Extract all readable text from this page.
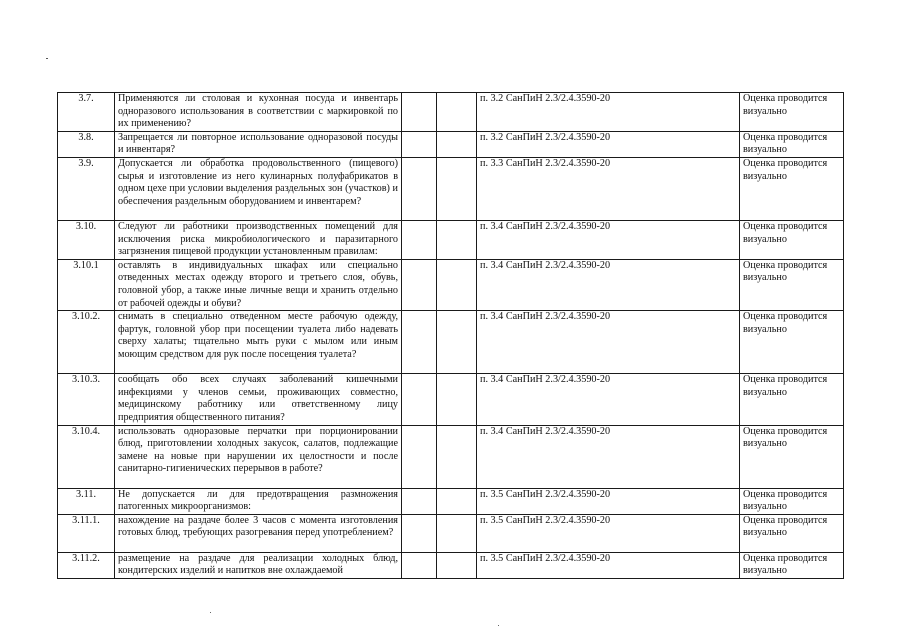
3.7.	Применяются ли столовая и кухонная посуда и инвентарь одноразового использования в соответствии с маркировкой по их применению?			п. 3.2 СанПиН 2.3/2.4.3590-20	Оценка проводится визуально
3.8.	Запрещается ли повторное использование одноразовой посуды и инвентаря?			п. 3.2 СанПиН 2.3/2.4.3590-20	Оценка проводится визуально
3.9.	Допускается ли обработка продовольственного (пищевого) сырья и изготовление из него кулинарных полуфабрикатов в одном цехе при условии выделения раздельных зон (участков) и обеспечения раздельным оборудованием и инвентарем?			п. 3.3 СанПиН 2.3/2.4.3590-20	Оценка проводится визуально
3.10.	Следуют ли работники производственных помещений для исключения риска микробиологического и паразитарного загрязнения пищевой продукции установленным правилам:			п. 3.4 СанПиН 2.3/2.4.3590-20	Оценка проводится визуально
3.10.1	оставлять в индивидуальных шкафах или специально отведенных местах одежду второго и третьего слоя, обувь, головной убор, а также иные личные вещи и хранить отдельно от рабочей одежды и обуви?			п. 3.4 СанПиН 2.3/2.4.3590-20	Оценка проводится визуально
3.10.2.	снимать в специально отведенном месте рабочую одежду, фартук, головной убор при посещении туалета либо надевать сверху халаты; тщательно мыть руки с мылом или иным моющим средством для рук после посещения туалета?			п. 3.4 СанПиН 2.3/2.4.3590-20	Оценка проводится визуально
3.10.3.	сообщать обо всех случаях заболеваний кишечными инфекциями у членов семьи, проживающих совместно, медицинскому работнику или ответственному лицу предприятия общественного питания?			п. 3.4 СанПиН 2.3/2.4.3590-20	Оценка проводится визуально
3.10.4.	использовать одноразовые перчатки при порционировании блюд, приготовлении холодных закусок, салатов, подлежащие замене на новые при нарушении их целостности и после санитарно-гигиенических перерывов в работе?			п. 3.4 СанПиН 2.3/2.4.3590-20	Оценка проводится визуально
3.11.	Не допускается ли для предотвращения размножения патогенных микроорганизмов:			п. 3.5 СанПиН 2.3/2.4.3590-20	Оценка проводится визуально
3.11.1.	нахождение на раздаче более 3 часов с момента изготовления готовых блюд, требующих разогревания перед употреблением?			п. 3.5 СанПиН 2.3/2.4.3590-20	Оценка проводится визуально
3.11.2.	размещение на раздаче для реализации холодных блюд, кондитерских изделий и напитков вне охлаждаемой			п. 3.5 СанПиН 2.3/2.4.3590-20	Оценка проводится визуально
